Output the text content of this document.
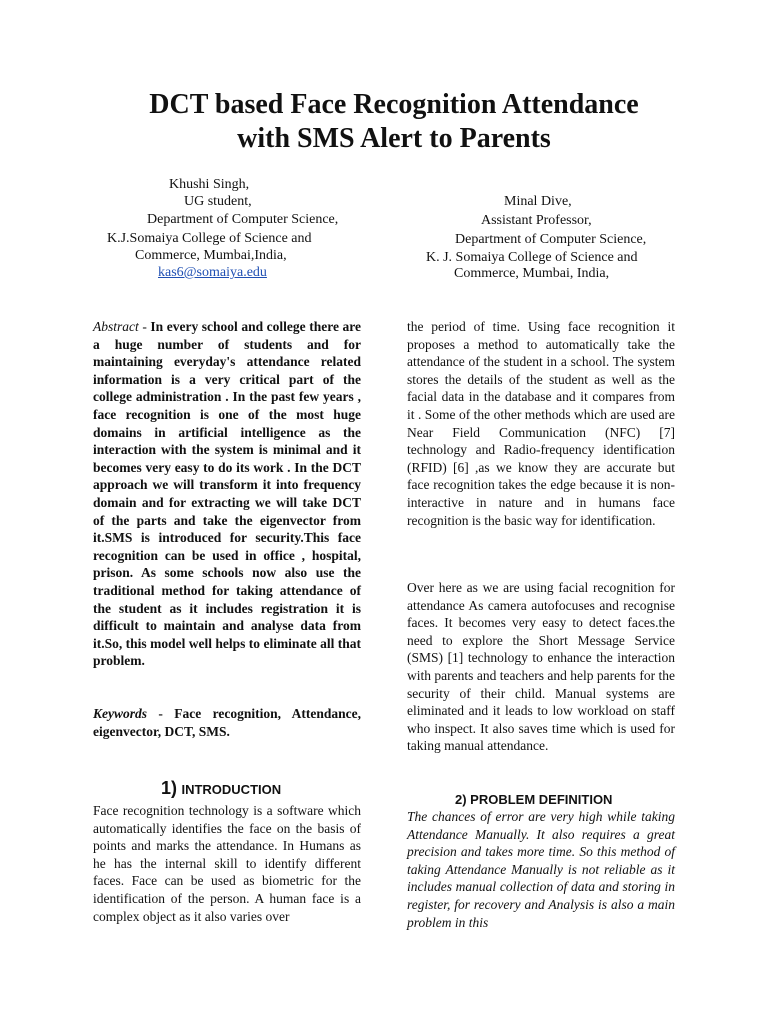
DCT based Face Recognition Attendance
with SMS Alert to Parents
Khushi Singh,
UG student,
Department of Computer Science,
K.J.Somaiya College of Science and
Commerce, Mumbai,India,
kas6@somaiya.edu
Minal Dive,
Assistant Professor,
Department of Computer Science,
K. J. Somaiya College of Science and
Commerce, Mumbai, India,

Abstract - In every school and college there are a huge number of students and for maintaining everyday's attendance related information is a very critical part of the college administration . In the past few years , face recognition is one of the most huge domains in artificial intelligence as the interaction with the system is minimal and it becomes very easy to do its work . In the DCT approach we will transform it into frequency domain and for extracting we will take DCT of the parts and take the eigenvector from it.SMS is introduced for security.This face recognition can be used in office , hospital, prison. As some schools now also use the traditional method for taking attendance of the student as it includes registration it is difficult to maintain and analyse data from it.So, this model well helps to eliminate all that problem.

Keywords - Face recognition, Attendance, eigenvector, DCT, SMS.

1) INTRODUCTION

Face recognition technology is a software which automatically identifies the face on the basis of points and marks the attendance. In Humans as he has the internal skill to identify different faces. Face can be used as biometric for the identification of the person. A human face is a complex object as it also varies over

the period of time. Using face recognition it proposes a method to automatically take the attendance of the student in a school. The system stores the details of the student as well as the facial data in the database and it compares from it . Some of the other methods which are used are Near Field Communication (NFC) [7] technology and Radio-frequency identification (RFID) [6] ,as we know they are accurate but face recognition takes the edge because it is non-interactive in nature and in humans face recognition is the basic way for identification.

Over here as we are using facial recognition for attendance As camera autofocuses and recognise faces. It becomes very easy to detect faces.the need to explore the Short Message Service (SMS) [1] technology to enhance the interaction with parents and teachers and help parents for the security of their child. Manual systems are eliminated and it leads to low workload on staff who inspect. It also saves time which is used for taking manual attendance.

2) PROBLEM DEFINITION

The chances of error are very high while taking Attendance Manually. It also requires a great precision and takes more time. So this method of taking Attendance Manually is not reliable as it includes manual collection of data and storing in register, for recovery and Analysis is also a main problem in this
